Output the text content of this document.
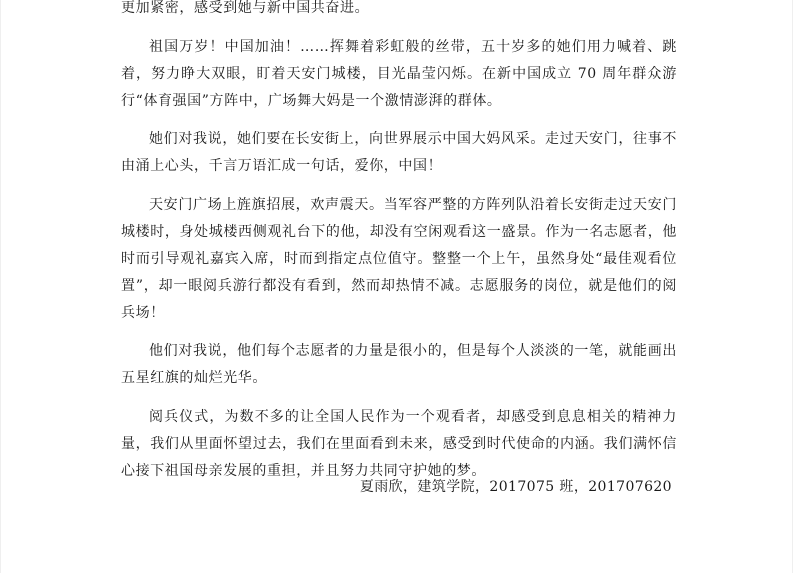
更加紧密，感受到她与新中国共奋进。

祖国万岁！中国加油！……挥舞着彩虹般的丝带，五十岁多的她们用力喊着、跳着，努力睁大双眼，盯着天安门城楼，目光晶莹闪烁。在新中国成立 70 周年群众游行“体育强国”方阵中，广场舞大妈是一个激情澎湃的群体。

她们对我说，她们要在长安街上，向世界展示中国大妈风采。走过天安门，往事不由涌上心头，千言万语汇成一句话，爱你，中国！

天安门广场上旌旗招展，欢声震天。当军容严整的方阵列队沿着长安街走过天安门城楼时，身处城楼西侧观礼台下的他，却没有空闲观看这一盛景。作为一名志愿者，他时而引导观礼嘉宾入席，时而到指定点位值守。整整一个上午，虽然身处“最佳观看位置”，却一眼阅兵游行都没有看到，然而却热情不减。志愿服务的岗位，就是他们的阅兵场！

他们对我说，他们每个志愿者的力量是很小的，但是每个人淡淡的一笔，就能画出五星红旗的灿烂光华。

阅兵仪式，为数不多的让全国人民作为一个观看者，却感受到息息相关的精神力量，我们从里面怀望过去，我们在里面看到未来，感受到时代使命的内涵。我们满怀信心接下祖国母亲发展的重担，并且努力共同守护她的梦。

夏雨欣，建筑学院，2017075 班，201707620
